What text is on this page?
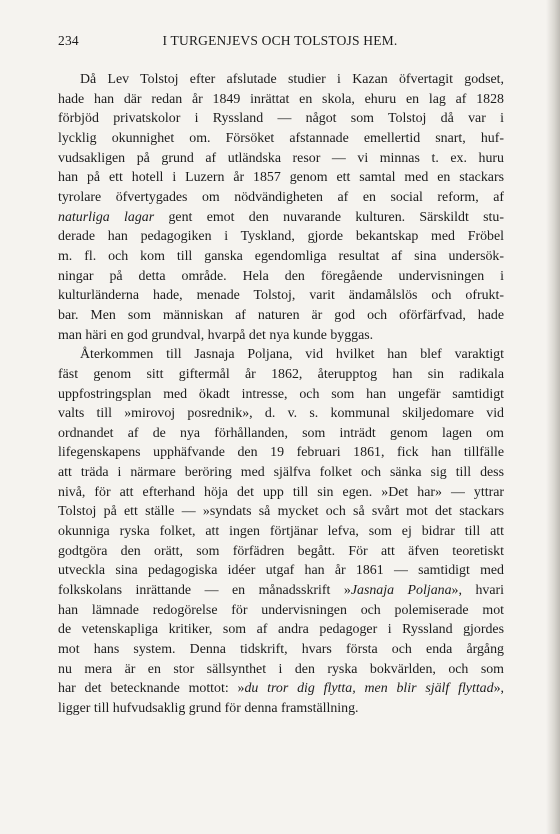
234	I TURGENJEVS OCH TOLSTOJS HEM.

Då Lev Tolstoj efter afslutade studier i Kazan öfvertagit godset,
hade han där redan år 1849 inrättat en skola, ehuru en lag af 1828
förbjöd privatskolor i Ryssland — något som Tolstoj då var i
lycklig okunnighet om. Försöket afstannade emellertid snart, huf-
vudsakligen på grund af utländska resor — vi minnas t. ex. huru
han på ett hotell i Luzern år 1857 genom ett samtal med en stackars
tyrolare öfvertygades om nödvändigheten af en social reform, af
naturliga lagar gent emot den nuvarande kulturen. Särskildt stu-
derade han pedagogiken i Tyskland, gjorde bekantskap med Fröbel
m. fl. och kom till ganska egendomliga resultat af sina undersök-
ningar på detta område. Hela den föregående undervisningen i
kulturländerna hade, menade Tolstoj, varit ändamålslös och ofrukt-
bar. Men som människan af naturen är god och oförfärfvad, hade
man häri en god grundval, hvarpå det nya kunde byggas.

Återkommen till Jasnaja Poljana, vid hvilket han blef varaktigt
fäst genom sitt giftermål år 1862, återupptog han sin radikala
uppfostringsplan med ökadt intresse, och som han ungefär samtidigt
valts till »mirovoj posrednik», d. v. s. kommunal skiljedomare vid
ordnandet af de nya förhållanden, som inträdt genom lagen om
lifegenskapens upphäfvande den 19 februari 1861, fick han tillfälle
att träda i närmare beröring med själfva folket och sänka sig till dess
nivå, för att efterhand höja det upp till sin egen. »Det har» — yttrar
Tolstoj på ett ställe — »syndats så mycket och så svårt mot det stackars
okunniga ryska folket, att ingen förtjänar lefva, som ej bidrar till att
godtgöra den orätt, som förfädren begått. För att äfven teoretiskt
utveckla sina pedagogiska idéer utgaf han år 1861 — samtidigt med
folkskolans inrättande — en månadsskrift »Jasnaja Poljana», hvari
han lämnade redogörelse för undervisningen och polemiserade mot
de vetenskapliga kritiker, som af andra pedagoger i Ryssland gjordes
mot hans system. Denna tidskrift, hvars första och enda årgång
nu mera är en stor sällsynthet i den ryska bokvärlden, och som
har det betecknande mottot: »du tror dig flytta, men blir själf flyttad»,
ligger till hufvudsaklig grund för denna framställning.
